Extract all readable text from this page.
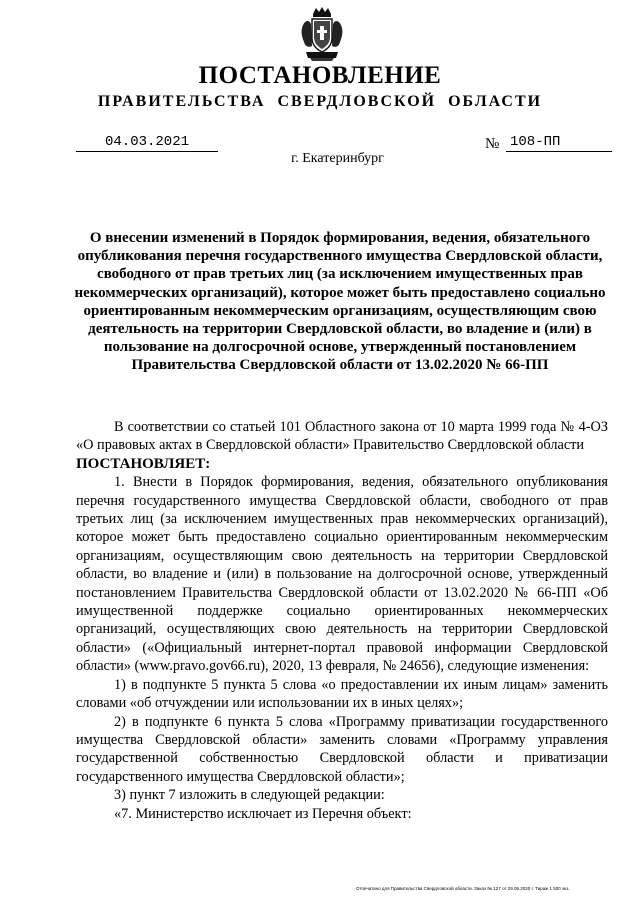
ПОСТАНОВЛЕНИЕ
ПРАВИТЕЛЬСТВА СВЕРДЛОВСКОЙ ОБЛАСТИ
04.03.2021	№ 108-ПП
г. Екатеринбург
О внесении изменений в Порядок формирования, ведения, обязательного опубликования перечня государственного имущества Свердловской области, свободного от прав третьих лиц (за исключением имущественных прав некоммерческих организаций), которое может быть предоставлено социально ориентированным некоммерческим организациям, осуществляющим свою деятельность на территории Свердловской области, во владение и (или) в пользование на долгосрочной основе, утвержденный постановлением Правительства Свердловской области от 13.02.2020 № 66-ПП

В соответствии со статьей 101 Областного закона от 10 марта 1999 года № 4-ОЗ «О правовых актах в Свердловской области» Правительство Свердловской области

ПОСТАНОВЛЯЕТ:

1. Внести в Порядок формирования, ведения, обязательного опубликования перечня государственного имущества Свердловской области, свободного от прав третьих лиц (за исключением имущественных прав некоммерческих организаций), которое может быть предоставлено социально ориентированным некоммерческим организациям, осуществляющим свою деятельность на территории Свердловской области, во владение и (или) в пользование на долгосрочной основе, утвержденный постановлением Правительства Свердловской области от 13.02.2020 № 66-ПП «Об имущественной поддержке социально ориентированных некоммерческих организаций, осуществляющих свою деятельность на территории Свердловской области» («Официальный интернет-портал правовой информации Свердловской области» (www.pravo.gov66.ru), 2020, 13 февраля, № 24656), следующие изменения:

1) в подпункте 5 пункта 5 слова «о предоставлении их иным лицам» заменить словами «об отчуждении или использовании их в иных целях»;

2) в подпункте 6 пункта 5 слова «Программу приватизации государственного имущества Свердловской области» заменить словами «Программу управления государственной собственностью Свердловской области и приватизации государственного имущества Свердловской области»;

3) пункт 7 изложить в следующей редакции:

«7. Министерство исключает из Перечня объект:

Отпечатано для Правительства Свердловской области. Заказ № 127 от 29.05.2020 г. Тираж 1 500 экз.
